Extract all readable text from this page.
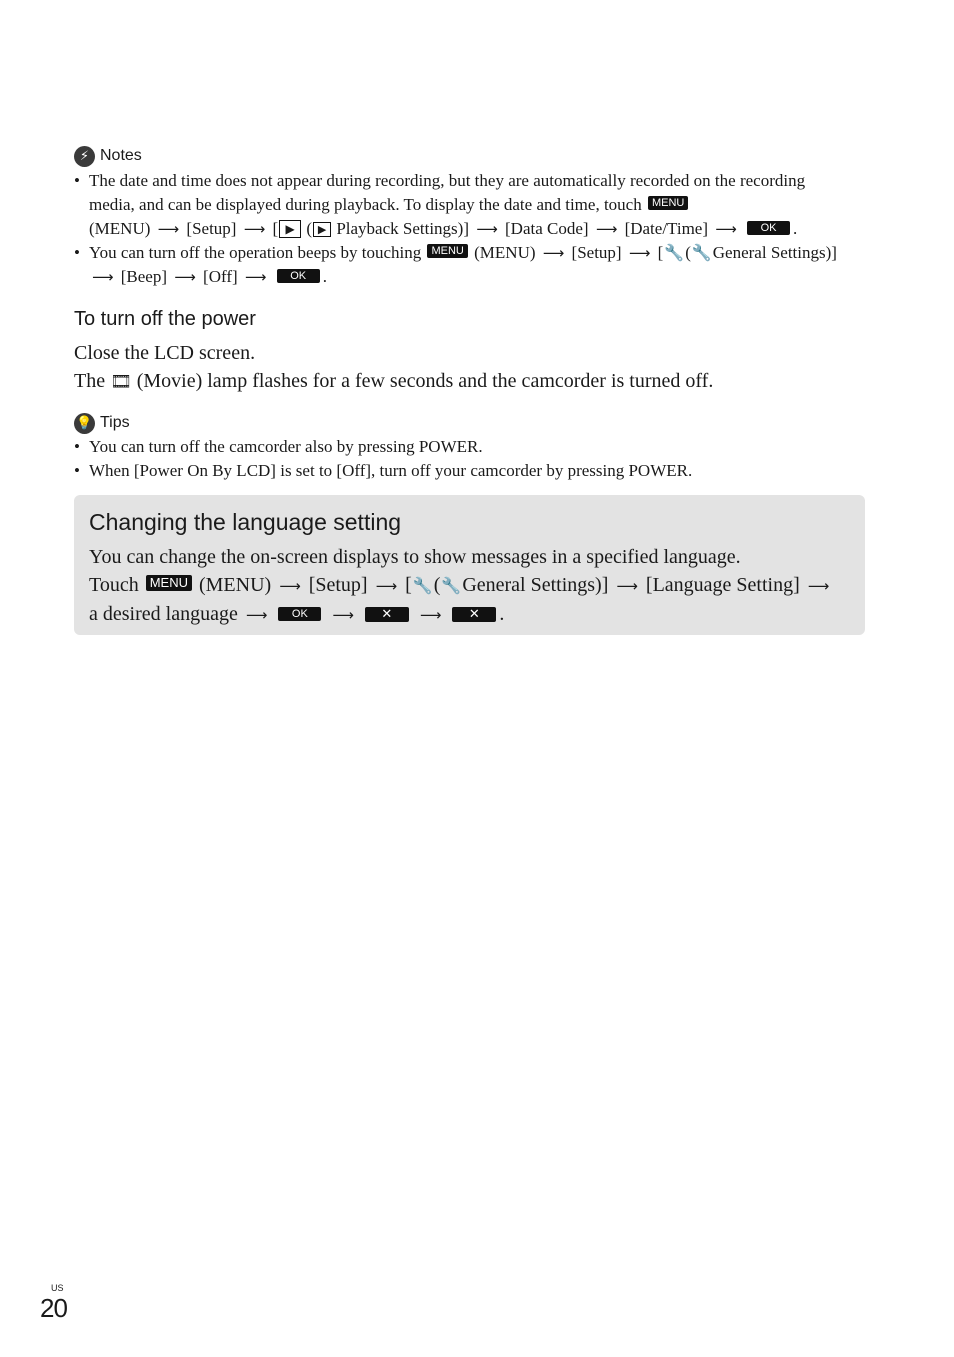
⚡ Notes
• The date and time does not appear during recording, but they are automatically recorded on the recording media, and can be displayed during playback. To display the date and time, touch MENU
(MENU) ⟶ [Setup] ⟶ [ ▶ ( ▶ Playback Settings)] ⟶ [Data Code] ⟶ [Date/Time] ⟶ OK .
• You can turn off the operation beeps by touching MENU (MENU) ⟶ [Setup] ⟶ [🔧(🔧General Settings)] ⟶ [Beep] ⟶ [Off] ⟶ OK .
To turn off the power
Close the LCD screen.
The 🎞 (Movie) lamp flashes for a few seconds and the camcorder is turned off.
💡 Tips
• You can turn off the camcorder also by pressing POWER.
• When [Power On By LCD] is set to [Off], turn off your camcorder by pressing POWER.
Changing the language setting
You can change the on-screen displays to show messages in a specified language.
Touch MENU (MENU) ⟶ [Setup] ⟶ [🔧(🔧General Settings)] ⟶ [Language Setting] ⟶
a desired language ⟶ OK ⟶ ✕ ⟶ ✕ .
US
20
